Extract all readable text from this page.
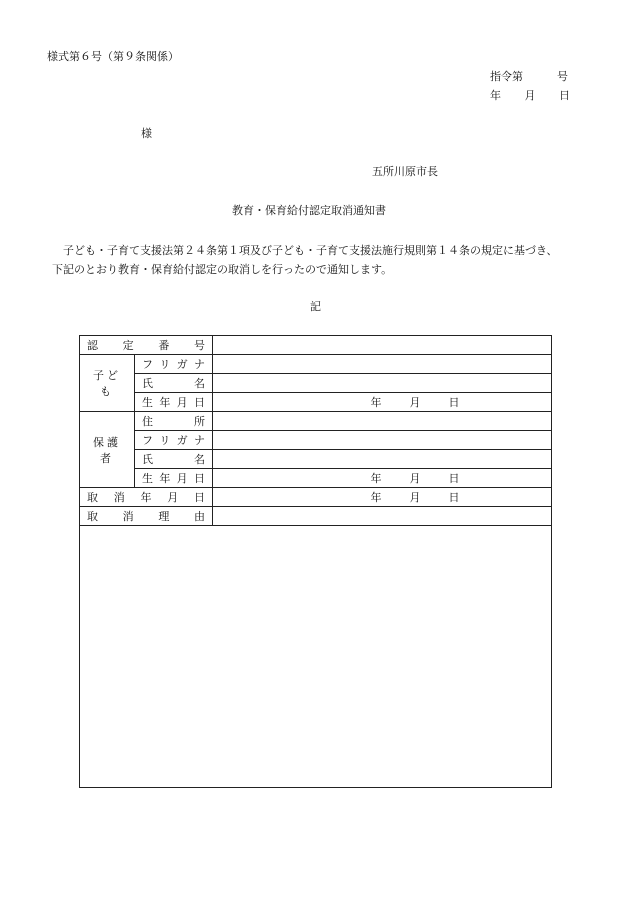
様式第６号（第９条関係）
指令第	号
年 月 日
様
五所川原市長
教育・保育給付認定取消通知書

子ども・子育て支援法第２４条第１項及び子ども・子育て支援法施行規則第１４条の規定に基づき、

下記のとおり教育・保育給付認定の取消しを行ったので通知します。

記
認 定 番 号		

子ども	フ リ ガ ナ	

	氏 名	

	生 年 月 日	年 月 日
保護者	住 所	

	フ リ ガ ナ	

	氏 名	

	生 年 月 日	年 月 日

取 消 年 月 日		年 月 日

取 消 理 由		
